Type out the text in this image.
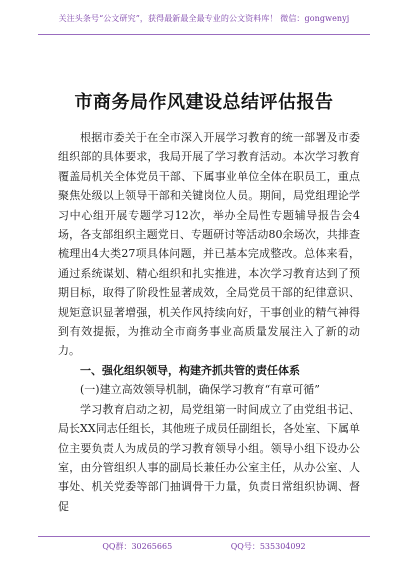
关注头条号“公文研究”，获得最新最全最专业的公文资料库！ 微信：gongwenyj
市商务局作风建设总结评估报告

根据市委关于在全市深入开展学习教育的统一部署及市委组织部的具体要求，我局开展了学习教育活动。本次学习教育覆盖局机关全体党员干部、下属事业单位全体在职员工，重点聚焦处级以上领导干部和关键岗位人员。期间，局党组理论学习中心组开展专题学习12次，举办全局性专题辅导报告会4场，各支部组织主题党日、专题研讨等活动80余场次，共排查梳理出4大类27项具体问题，并已基本完成整改。总体来看，通过系统谋划、精心组织和扎实推进，本次学习教育达到了预期目标，取得了阶段性显著成效，全局党员干部的纪律意识、规矩意识显著增强，机关作风持续向好，干事创业的精气神得到有效提振，为推动全市商务事业高质量发展注入了新的动力。

一、强化组织领导，构建齐抓共管的责任体系
(一)建立高效领导机制，确保学习教育“有章可循”

学习教育启动之初，局党组第一时间成立了由党组书记、局长XX同志任组长，其他班子成员任副组长，各处室、下属单位主要负责人为成员的学习教育领导小组。领导小组下设办公室，由分管组织人事的副局长兼任办公室主任，从办公室、人事处、机关党委等部门抽调骨干力量，负责日常组织协调、督促

QQ群：30265665	QQ号：535304092
